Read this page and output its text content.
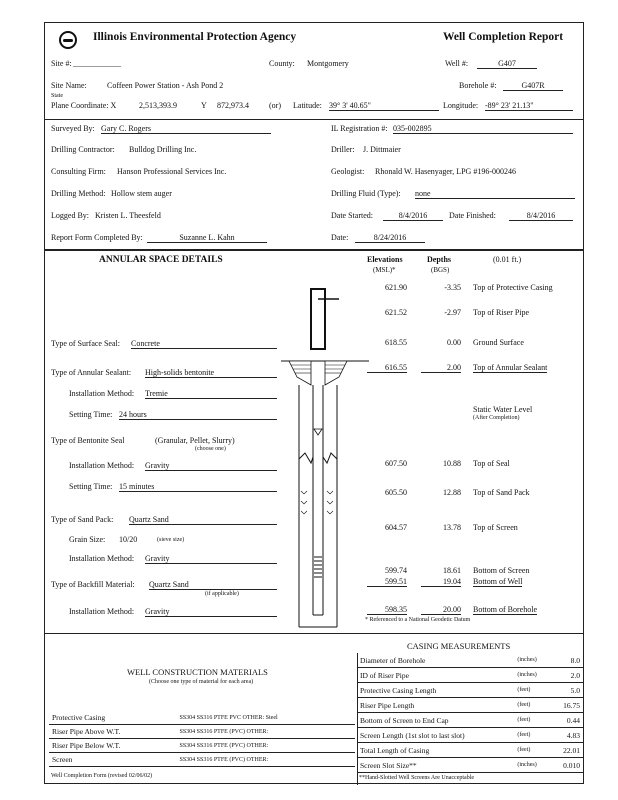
Illinois Environmental Protection Agency	Well Completion Report
Site #: ____________	County: Montgomery	Well #:	G407
Site Name:	Coffeen Power Station - Ash Pond 2	Borehole #:	G407R
State
Plane Coordinate: X	2,513,393.9	Y 872,973.4	(or) Latitude: 39° 3' 40.65"	Longitude: -89° 23' 21.13"
Surveyed By: Gary C. Rogers	IL Registration #: 035-002895
Drilling Contractor: Bulldog Drilling Inc.	Driller: J. Dittmaier
Consulting Firm: Hanson Professional Services Inc.	Geologist: Rhonald W. Hasenyager, LPG #196-000246
Drilling Method: Hollow stem auger	Drilling Fluid (Type): none
Logged By: Kristen L. Theesfeld	Date Started:	8/4/2016	Date Finished:	8/4/2016
Report Form Completed By:	Suzanne L. Kahn	Date:	8/24/2016
ANNULAR SPACE DETAILS	Elevations
(MSL)*
Depths
(BGS)
(0.01 ft.)
Type of Surface Seal: Concrete
Type of Annular Sealant: High-solids bentonite
Installation Method: Tremie
Setting Time: 24 hours
Type of Bentonite Seal	(Granular, Pellet, Slurry)
(choose one)
Installation Method: Gravity
Setting Time: 15 minutes
Type of Sand Pack: Quartz Sand
Grain Size: 10/20	(sieve size)
Installation Method: Gravity
Type of Backfill Material: Quartz Sand
(if applicable)
Installation Method: Gravity
621.90	-3.35 Top of Protective Casing
621.52	-2.97 Top of Riser Pipe
618.55	0.00 Ground Surface
616.55	2.00 Top of Annular Sealant
607.50	10.88 Top of Seal
605.50	12.88 Top of Sand Pack
604.57	13.78 Top of Screen
599.74	18.61 Bottom of Screen
599.51	19.04 Bottom of Well
598.35	20.00 Bottom of Borehole
Static Water Level
(After Completion)
* Referenced to a National Geodetic Datum
CASING MEASUREMENTS
Diameter of Borehole	(inches)	8.0
ID of Riser Pipe	(inches)	2.0
Protective Casing Length	(feet)	5.0
Riser Pipe Length	(feet)	16.75
Bottom of Screen to End Cap	(feet)	0.44
Screen Length (1st slot to last slot)	(feet)	4.83
Total Length of Casing	(feet)	22.01
Screen Slot Size**	(inches)	0.010
**Hand-Slotted Well Screens Are Unacceptable
WELL CONSTRUCTION MATERIALS
(Choose one type of material for each area)
Protective Casing	SS304 SS316 PTFE PVC OTHER: Steel
Riser Pipe Above W.T.	SS304 SS316 PTFE (PVC) OTHER:
Riser Pipe Below W.T.	SS304 SS316 PTFE (PVC) OTHER:
Screen	SS304 SS316 PTFE (PVC) OTHER:
Well Completion Form (revised 02/06/02)
